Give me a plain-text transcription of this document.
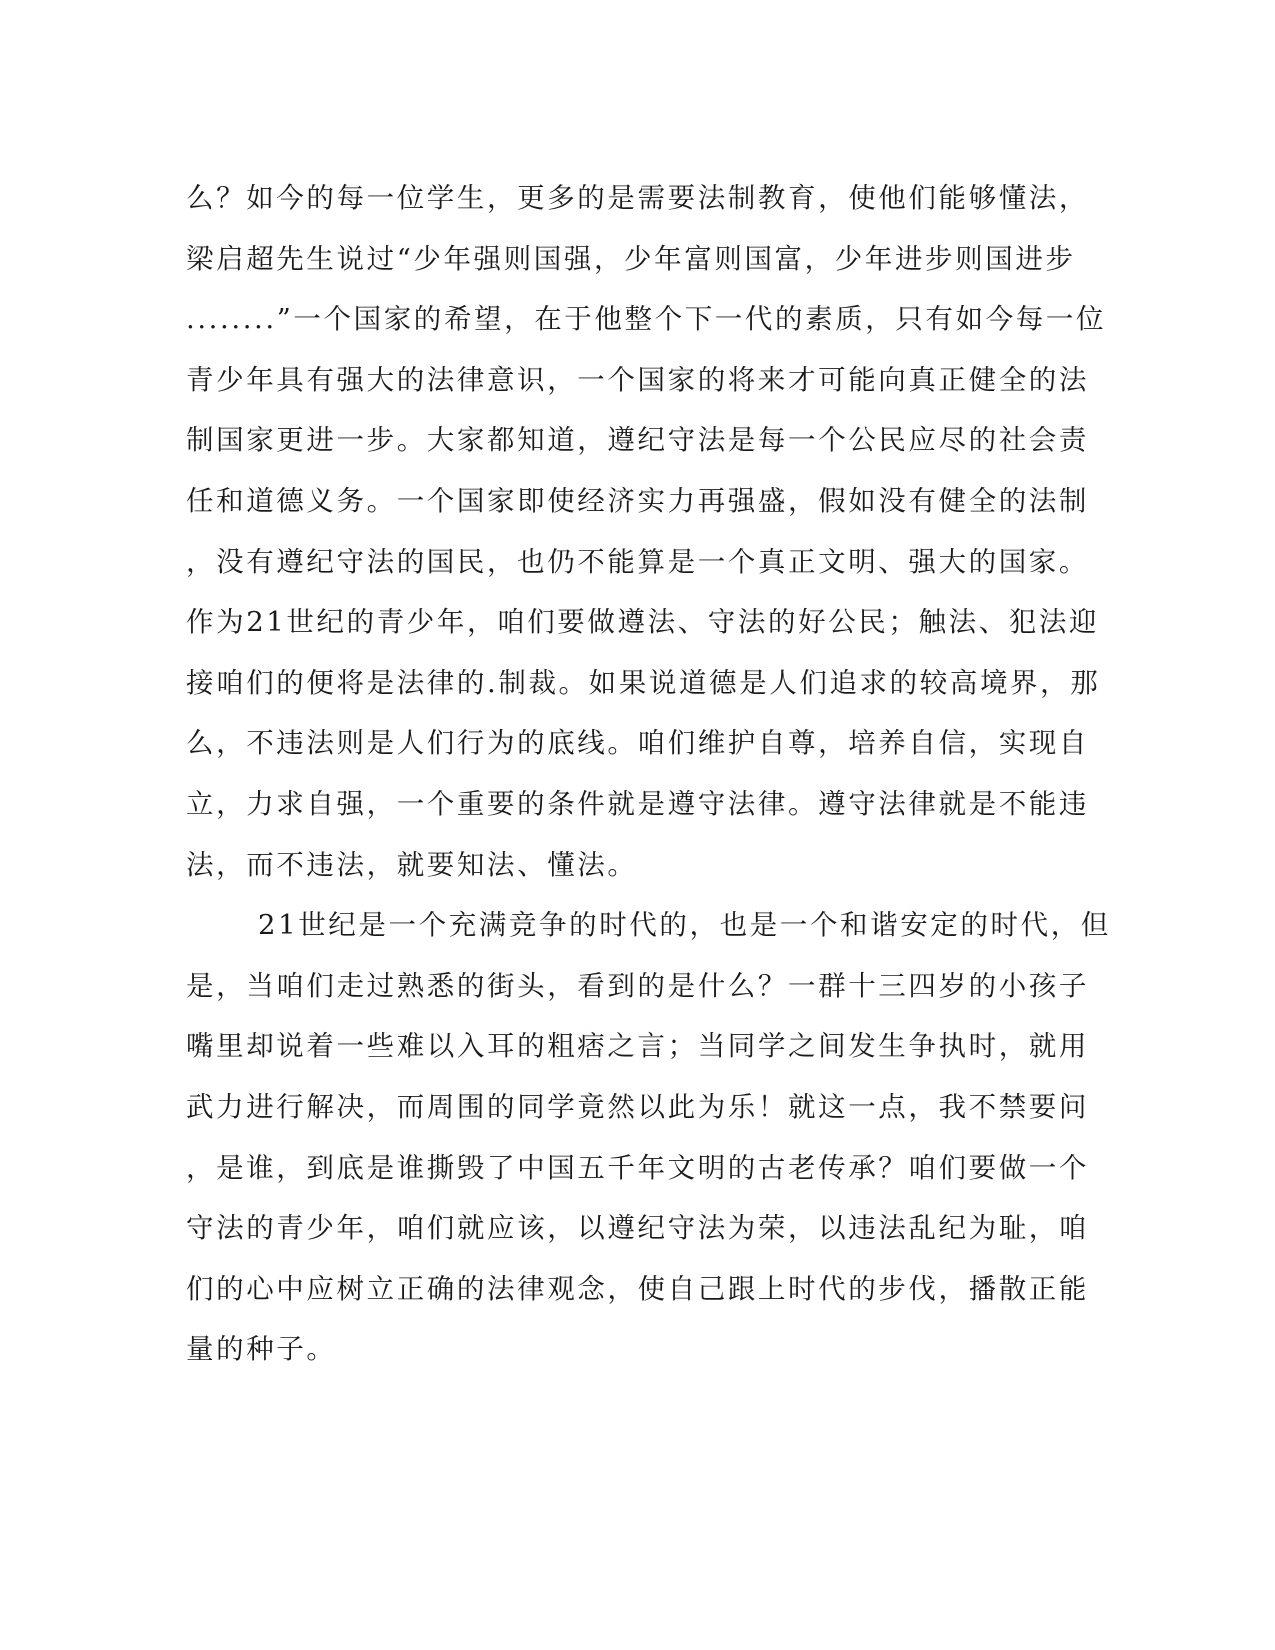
么？如今的每一位学生，更多的是需要法制教育，使他们能够懂法，
梁启超先生说过“少年强则国强，少年富则国富，少年进步则国进步
........”一个国家的希望，在于他整个下一代的素质，只有如今每一位
青少年具有强大的法律意识，一个国家的将来才可能向真正健全的法
制国家更进一步。大家都知道，遵纪守法是每一个公民应尽的社会责
任和道德义务。一个国家即使经济实力再强盛，假如没有健全的法制
，没有遵纪守法的国民，也仍不能算是一个真正文明、强大的国家。
作为21世纪的青少年，咱们要做遵法、守法的好公民；触法、犯法迎
接咱们的便将是法律的.制裁。如果说道德是人们追求的较高境界，那
么，不违法则是人们行为的底线。咱们维护自尊，培养自信，实现自
立，力求自强，一个重要的条件就是遵守法律。遵守法律就是不能违
法，而不违法，就要知法、懂法。
21世纪是一个充满竞争的时代的，也是一个和谐安定的时代，但
是，当咱们走过熟悉的街头，看到的是什么？一群十三四岁的小孩子
嘴里却说着一些难以入耳的粗痞之言；当同学之间发生争执时，就用
武力进行解决，而周围的同学竟然以此为乐！就这一点，我不禁要问
，是谁，到底是谁撕毁了中国五千年文明的古老传承？咱们要做一个
守法的青少年，咱们就应该，以遵纪守法为荣，以违法乱纪为耻，咱
们的心中应树立正确的法律观念，使自己跟上时代的步伐，播散正能
量的种子。
